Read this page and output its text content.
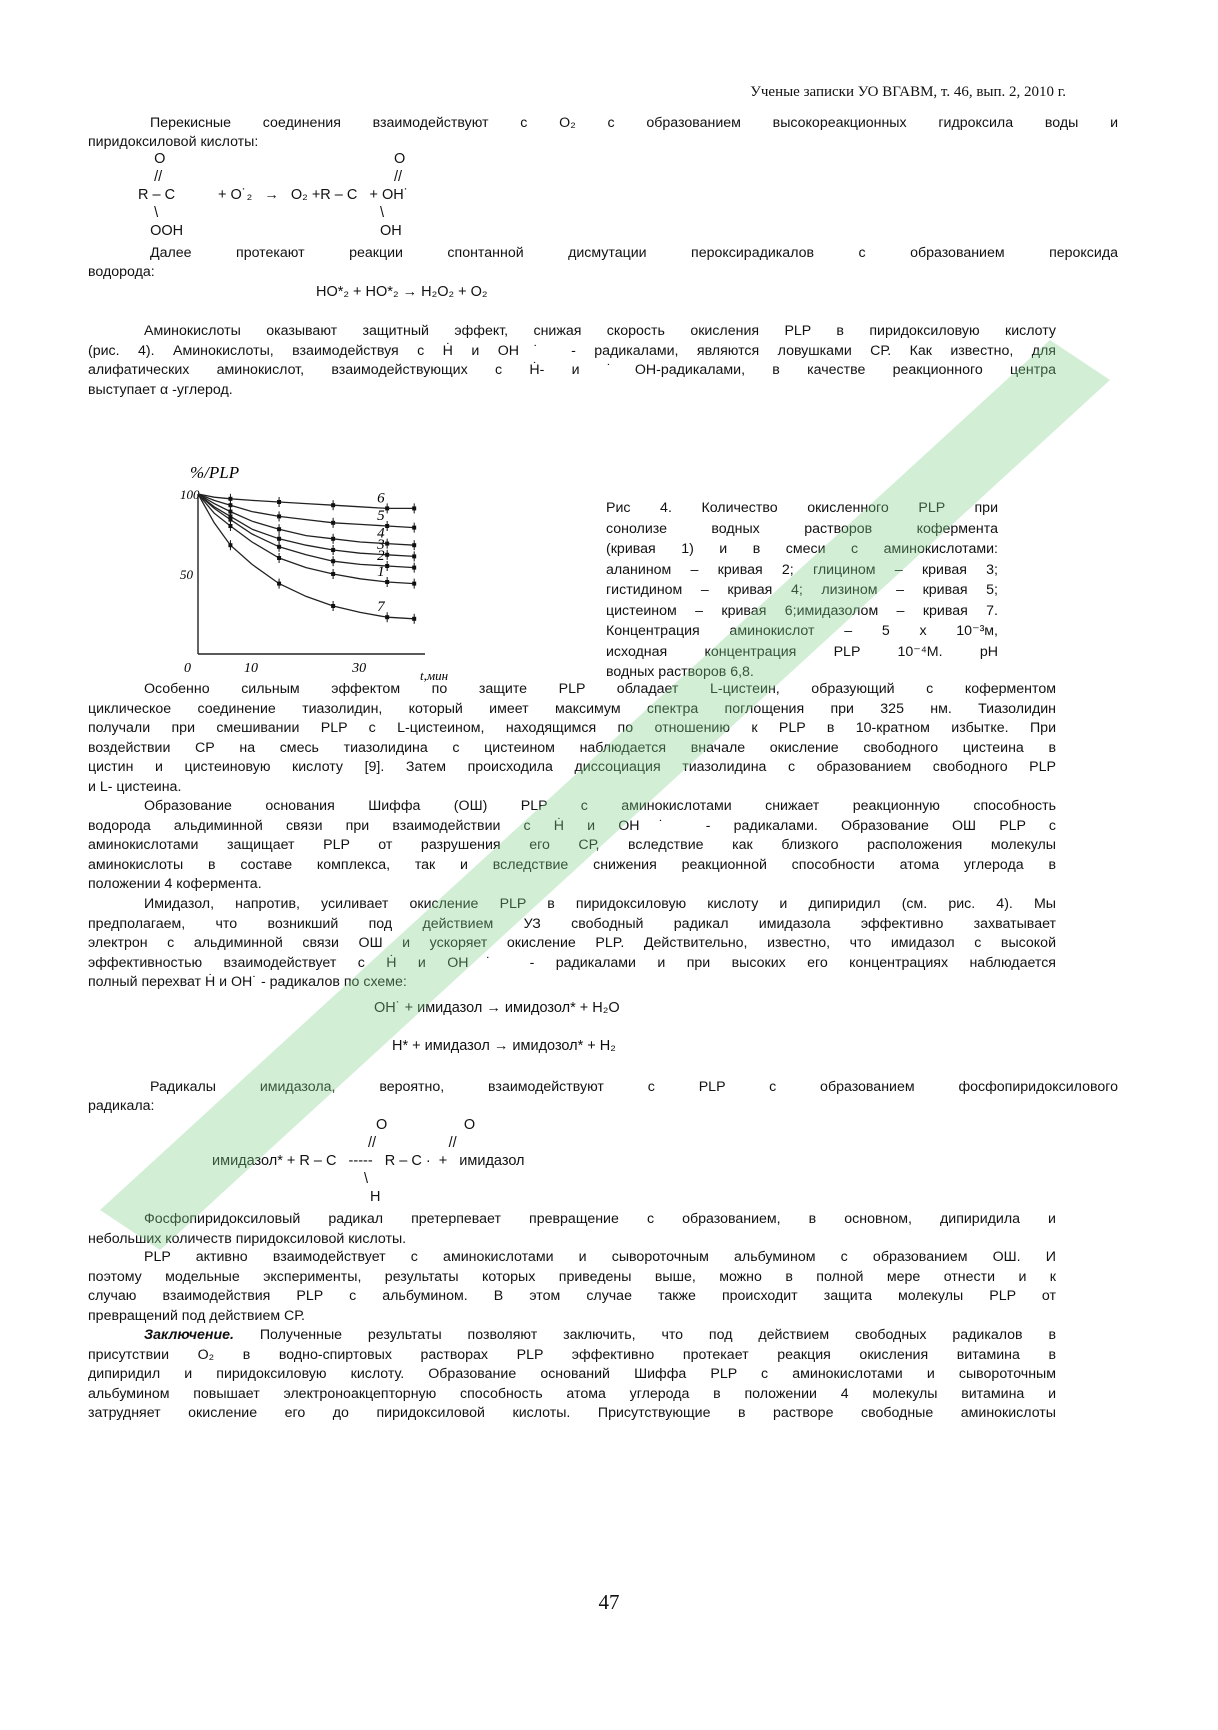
Ученые записки УО ВГАВМ, т. 46, вып. 2, 2010 г.
Перекисные соединения взаимодействуют с O₂ с образованием высокореакционных гидроксила воды и
пиридоксиловой кислоты:
O
//
R – C
\
OOH
+ O˙₂   →   O₂ +R – C   + OH˙
O
//
\
OH
Далее протекают реакции спонтанной дисмутации пероксирадикалов с образованием пероксида
водорода:
HO*₂ + HO*₂ → H₂O₂ + O₂
Аминокислоты оказывают защитный эффект, снижая скорость окисления PLP в пиридоксиловую кислоту
(рис. 4). Аминокислоты, взаимодействуя с Ḣ и OH˙ - радикалами, являются ловушками СР. Как известно, для
алифатических аминокислот, взаимодействующих с Ḣ- и ˙OH-радикалами, в качестве реакционного центра
выступает α -углерод.
%/PLP
t,мин
0	10	30
100
50
6
5
4
3
2
1
7
Рис 4. Количество окисленного PLP при
сонолизе водных растворов кофермента
(кривая 1) и в смеси с аминокислотами:
аланином – кривая 2; глицином – кривая 3;
гистидином – кривая 4; лизином – кривая 5;
цистеином – кривая 6;имидазолом – кривая 7.
Концентрация аминокислот – 5 x 10⁻³м,
исходная концентрация PLP 10⁻⁴M. pH
водных растворов 6,8.
Особенно сильным эффектом по защите PLP обладает L-цистеин, образующий с коферментом
циклическое соединение тиазолидин, который имеет максимум спектра поглощения при 325 нм. Тиазолидин
получали при смешивании PLP с L-цистеином, находящимся по отношению к PLP в 10-кратном избытке. При
воздействии СР на смесь тиазолидина с цистеином наблюдается вначале окисление свободного цистеина в
цистин и цистеиновую кислоту [9]. Затем происходила диссоциация тиазолидина с образованием свободного PLP
и L- цистеина.
Образование основания Шиффа (ОШ) PLP с аминокислотами снижает реакционную способность
водорода альдиминной связи при взаимодействии с Ḣ и OH˙ - радикалами. Образование ОШ PLP с
аминокислотами защищает PLP от разрушения его СР, вследствие как близкого расположения молекулы
аминокислоты в составе комплекса, так и вследствие снижения реакционной способности атома углерода в
положении 4 кофермента.
Имидазол, напротив, усиливает окисление PLP в пиридоксиловую кислоту и дипиридил (см. рис. 4). Мы
предполагаем, что возникший под действием УЗ свободный радикал имидазола эффективно захватывает
электрон с альдиминной связи ОШ и ускоряет окисление PLP. Действительно, известно, что имидазол с высокой
эффективностью взаимодействует с Ḣ и OH˙ - радикалами и при высоких его концентрациях наблюдается
полный перехват Ḣ и OH˙ - радикалов по схеме:
OH˙ + имидазол → имидозол* + H₂O
H* + имидазол → имидозол* + H₂
Радикалы имидазола, вероятно, взаимодействуют с PLP с образованием фосфопиридоксилового
радикала:
O                   O
//                  //
имидазол* + R – C   -----   R – C ·  +   имидазол
\
H
Фосфопиридоксиловый радикал претерпевает превращение с образованием, в основном, дипиридила и
небольших количеств пиридоксиловой кислоты.
PLP активно взаимодействует с аминокислотами и сывороточным альбумином с образованием ОШ. И
поэтому модельные эксперименты, результаты которых приведены выше, можно в полной мере отнести и к
случаю взаимодействия PLP с альбумином. В этом случае также происходит защита молекулы PLP от
превращений под действием СР.
Заключение. Полученные результаты позволяют заключить, что под действием свободных радикалов в
присутствии O₂ в водно-спиртовых растворах PLP эффективно протекает реакция окисления витамина в
дипиридил и пиридоксиловую кислоту. Образование оснований Шиффа PLP с аминокислотами и сывороточным
альбумином повышает электроноакцепторную способность атома углерода в положении 4 молекулы витамина и
затрудняет окисление его до пиридоксиловой кислоты. Присутствующие в растворе свободные аминокислоты
47
